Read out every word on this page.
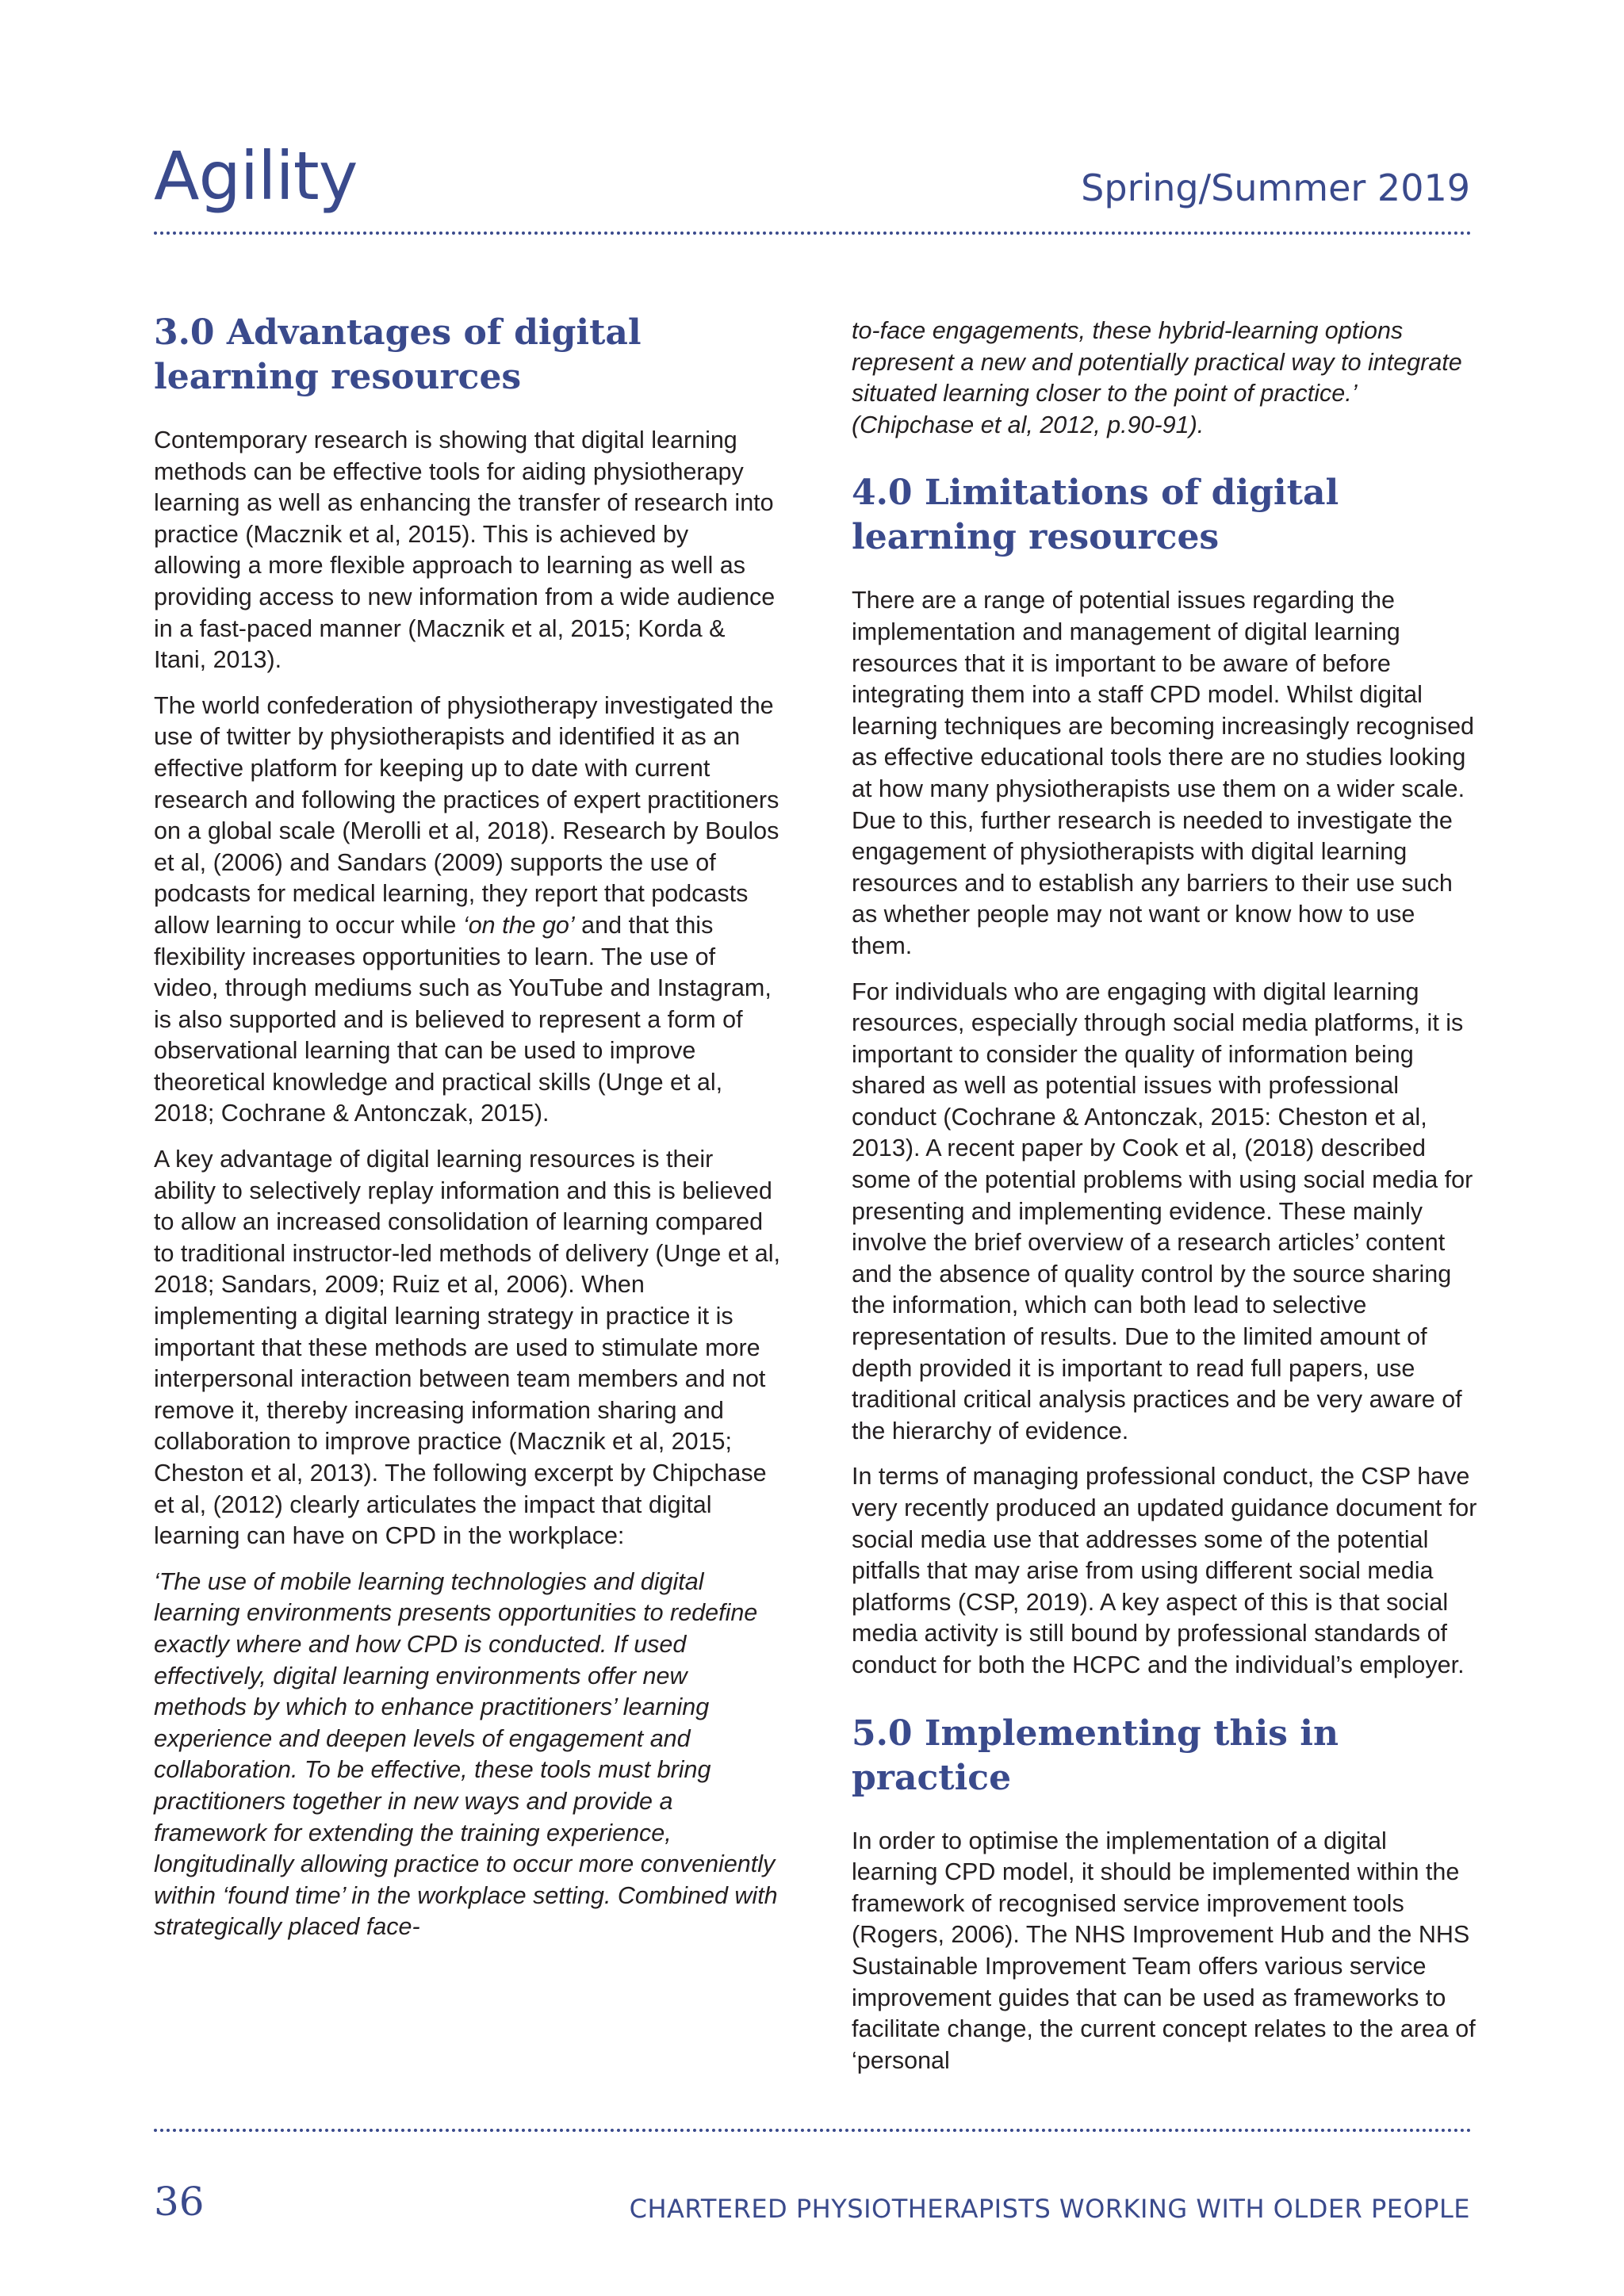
Agility	Spring/Summer 2019
3.0 Advantages of digital learning resources

Contemporary research is showing that digital learning methods can be effective tools for aiding physiotherapy learning as well as enhancing the transfer of research into practice (Macznik et al, 2015). This is achieved by allowing a more flexible approach to learning as well as providing access to new information from a wide audience in a fast-paced manner (Macznik et al, 2015; Korda & Itani, 2013).

The world confederation of physiotherapy investigated the use of twitter by physiotherapists and identified it as an effective platform for keeping up to date with current research and following the practices of expert practitioners on a global scale (Merolli et al, 2018). Research by Boulos et al, (2006) and Sandars (2009) supports the use of podcasts for medical learning, they report that podcasts allow learning to occur while ‘on the go’ and that this flexibility increases opportunities to learn. The use of video, through mediums such as YouTube and Instagram, is also supported and is believed to represent a form of observational learning that can be used to improve theoretical knowledge and practical skills (Unge et al, 2018; Cochrane & Antonczak, 2015).

A key advantage of digital learning resources is their ability to selectively replay information and this is believed to allow an increased consolidation of learning compared to traditional instructor-led methods of delivery (Unge et al, 2018; Sandars, 2009; Ruiz et al, 2006). When implementing a digital learning strategy in practice it is important that these methods are used to stimulate more interpersonal interaction between team members and not remove it, thereby increasing information sharing and collaboration to improve practice (Macznik et al, 2015; Cheston et al, 2013). The following excerpt by Chipchase et al, (2012) clearly articulates the impact that digital learning can have on CPD in the workplace:

‘The use of mobile learning technologies and digital learning environments presents opportunities to redefine exactly where and how CPD is conducted. If used effectively, digital learning environments offer new methods by which to enhance practitioners’ learning experience and deepen levels of engagement and collaboration. To be effective, these tools must bring practitioners together in new ways and provide a framework for extending the training experience, longitudinally allowing practice to occur more conveniently within ‘found time’ in the workplace setting. Combined with strategically placed face-

to-face engagements, these hybrid-learning options represent a new and potentially practical way to integrate situated learning closer to the point of practice.’ (Chipchase et al, 2012, p.90-91).

4.0 Limitations of digital learning resources

There are a range of potential issues regarding the implementation and management of digital learning resources that it is important to be aware of before integrating them into a staff CPD model. Whilst digital learning techniques are becoming increasingly recognised as effective educational tools there are no studies looking at how many physiotherapists use them on a wider scale. Due to this, further research is needed to investigate the engagement of physiotherapists with digital learning resources and to establish any barriers to their use such as whether people may not want or know how to use them.

For individuals who are engaging with digital learning resources, especially through social media platforms, it is important to consider the quality of information being shared as well as potential issues with professional conduct (Cochrane & Antonczak, 2015: Cheston et al, 2013). A recent paper by Cook et al, (2018) described some of the potential problems with using social media for presenting and implementing evidence. These mainly involve the brief overview of a research articles’ content and the absence of quality control by the source sharing the information, which can both lead to selective representation of results. Due to the limited amount of depth provided it is important to read full papers, use traditional critical analysis practices and be very aware of the hierarchy of evidence.

In terms of managing professional conduct, the CSP have very recently produced an updated guidance document for social media use that addresses some of the potential pitfalls that may arise from using different social media platforms (CSP, 2019). A key aspect of this is that social media activity is still bound by professional standards of conduct for both the HCPC and the individual’s employer.

5.0 Implementing this in practice

In order to optimise the implementation of a digital learning CPD model, it should be implemented within the framework of recognised service improvement tools (Rogers, 2006). The NHS Improvement Hub and the NHS Sustainable Improvement Team offers various service improvement guides that can be used as frameworks to facilitate change, the current concept relates to the area of ‘personal

36	CHARTERED PHYSIOTHERAPISTS WORKING WITH OLDER PEOPLE
